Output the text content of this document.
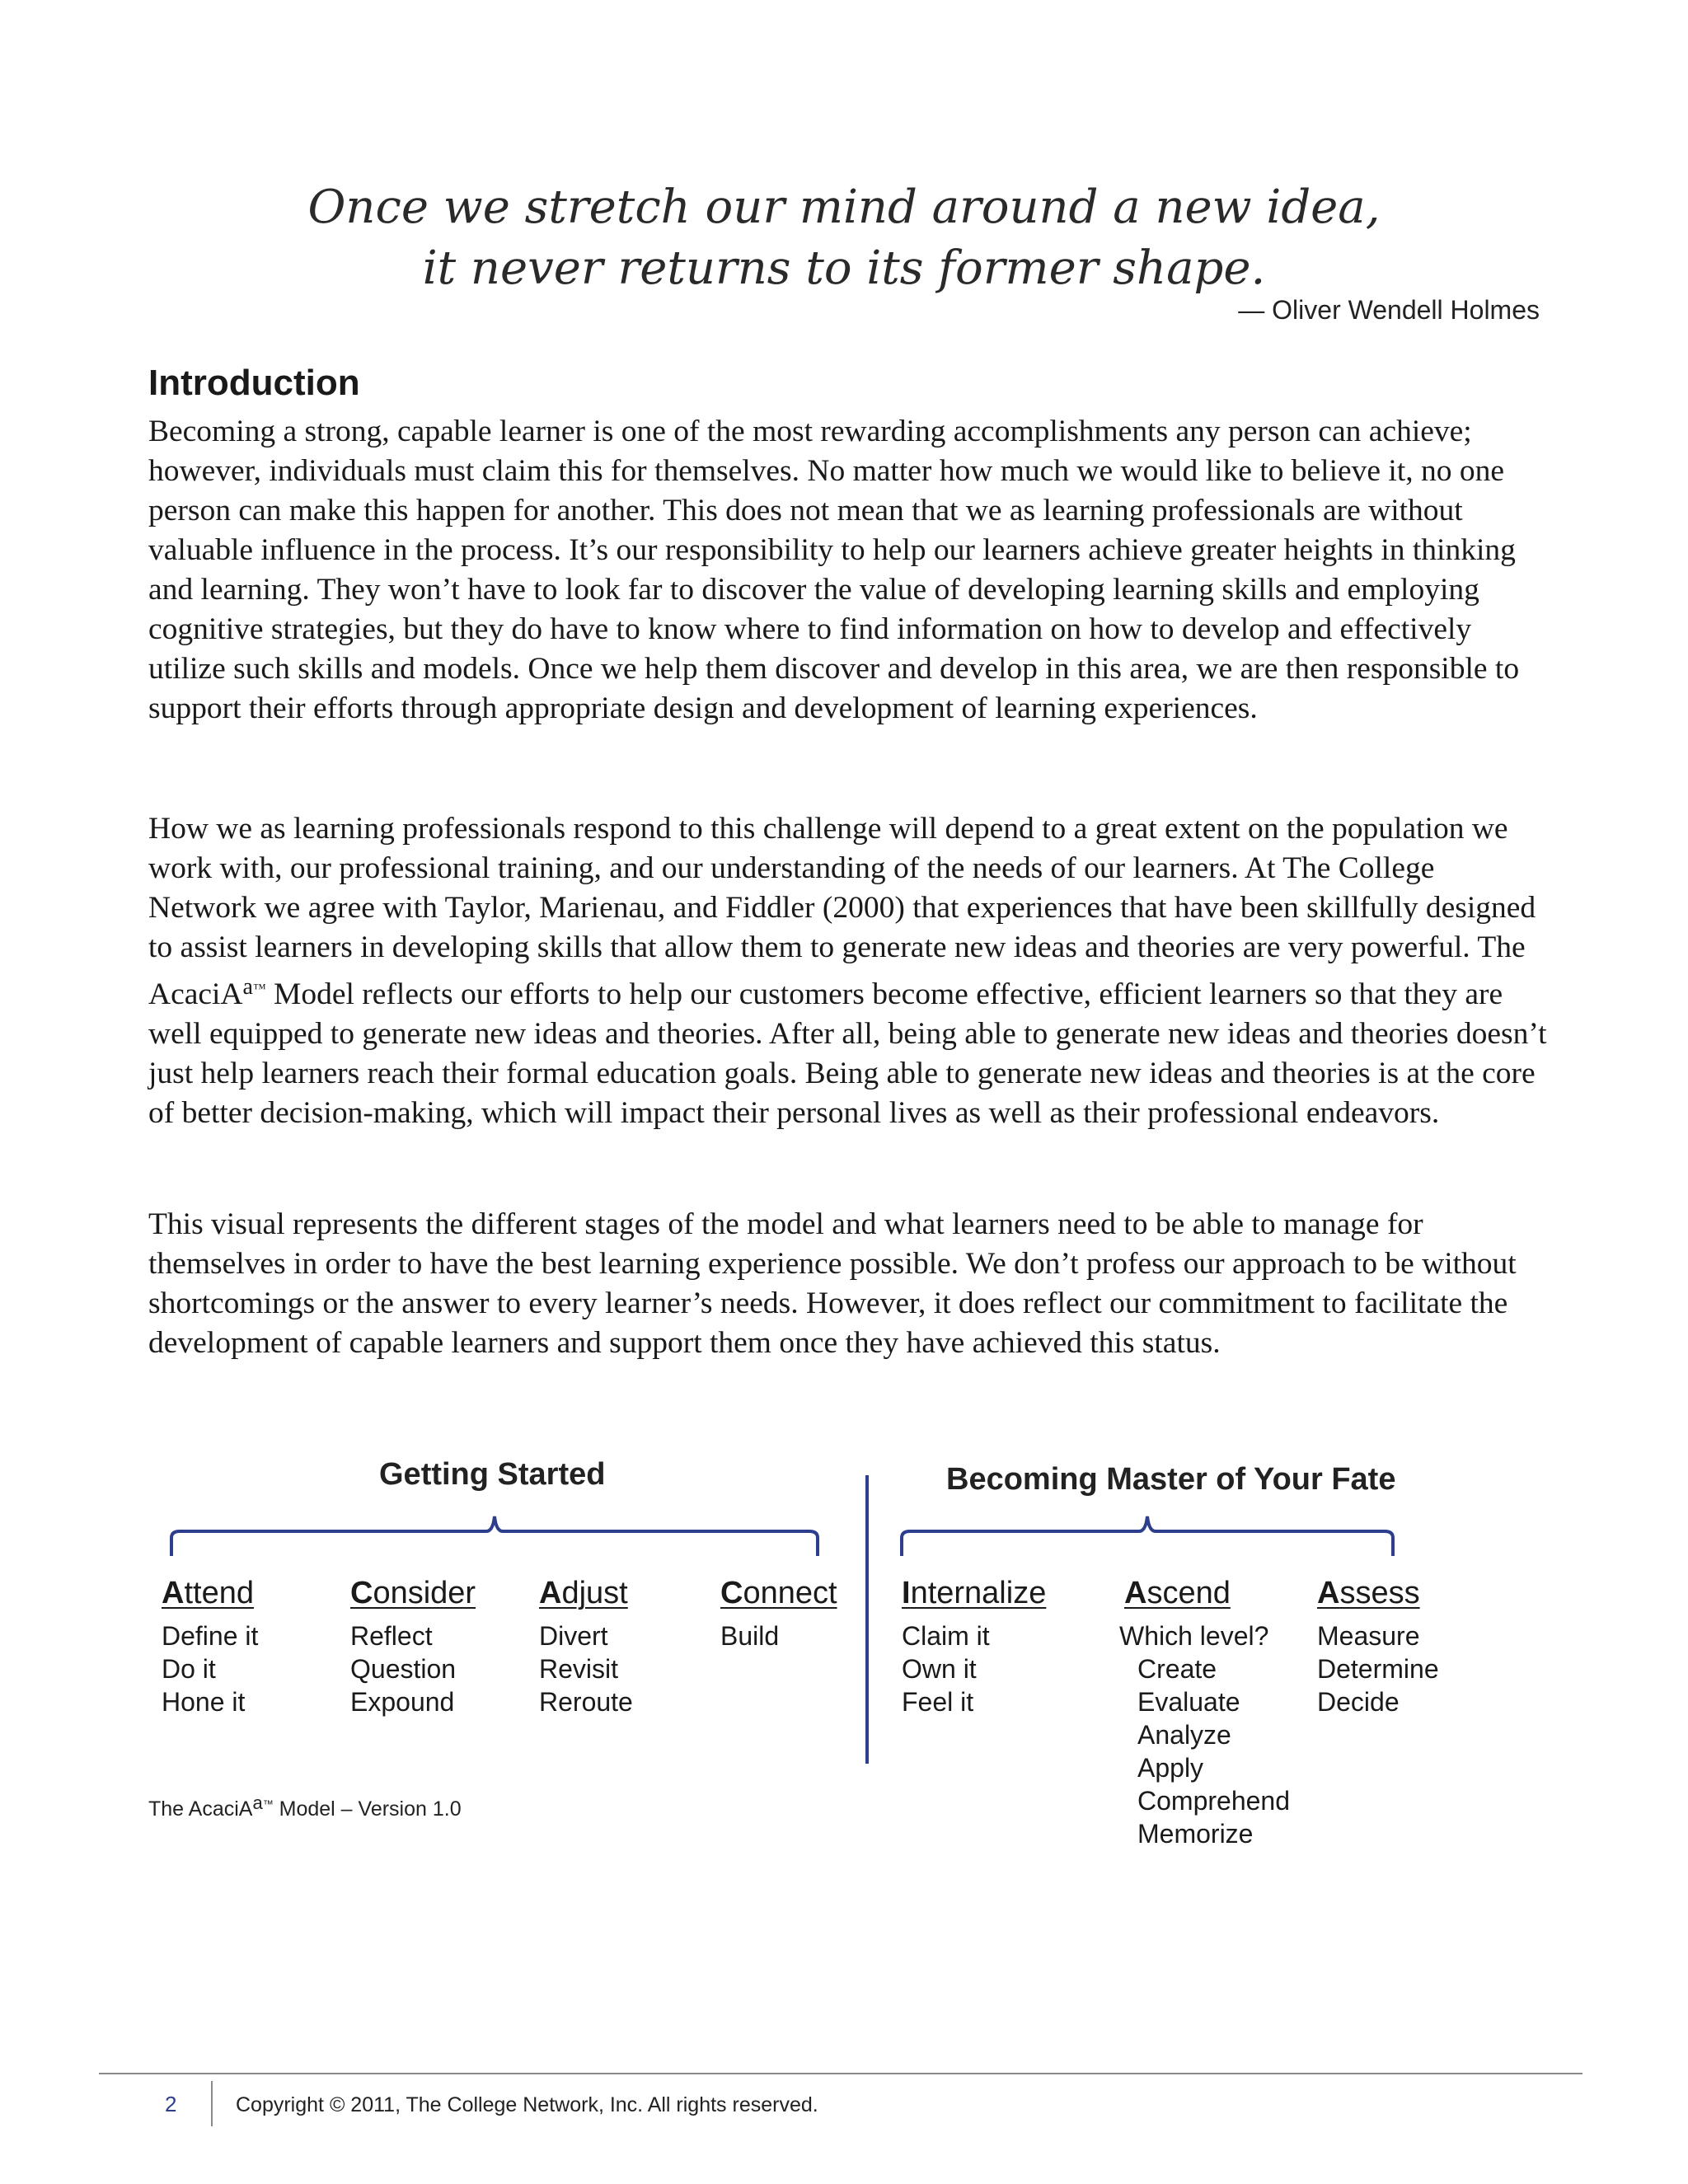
Once we stretch our mind around a new idea,
it never returns to its former shape.
— Oliver Wendell Holmes
Introduction

Becoming a strong, capable learner is one of the most rewarding accomplishments any person can achieve; however, individuals must claim this for themselves. No matter how much we would like to believe it, no one person can make this happen for another. This does not mean that we as learning professionals are without valuable influence in the process. It’s our responsibility to help our learners achieve greater heights in thinking and learning. They won’t have to look far to discover the value of developing learning skills and employing cognitive strategies, but they do have to know where to find information on how to develop and effectively utilize such skills and models. Once we help them discover and develop in this area, we are then responsible to support their efforts through appropriate design and development of learning experiences.

How we as learning professionals respond to this challenge will depend to a great extent on the population we work with, our professional training, and our understanding of the needs of our learners. At The College Network we agree with Taylor, Marienau, and Fiddler (2000) that experiences that have been skillfully designed to assist learners in developing skills that allow them to generate new ideas and theories are very powerful. The AcaciA$^{a™}$ Model reflects our efforts to help our customers become effective, efficient learners so that they are well equipped to generate new ideas and theories. After all, being able to generate new ideas and theories doesn’t just help learners reach their formal education goals. Being able to generate new ideas and theories is at the core of better decision-making, which will impact their personal lives as well as their professional endeavors.

This visual represents the different stages of the model and what learners need to be able to manage for themselves in order to have the best learning experience possible. We don’t profess our approach to be without shortcomings or the answer to every learner’s needs. However, it does reflect our commitment to facilitate the development of capable learners and support them once they have achieved this status.

Getting Started	Becoming Master of Your Fate
Attend
Define it
Do it
Hone it
Consider
Reflect
Question
Expound
Adjust
Divert
Revisit
Reroute
Connect
Build
Internalize
Claim it
Own it
Feel it
Ascend
Which level?
Create
Evaluate
Analyze
Apply
Comprehend
Memorize
Assess
Measure
Determine
Decide
The AcaciAa™ Model – Version 1.0
2	Copyright © 2011, The College Network, Inc. All rights reserved.
